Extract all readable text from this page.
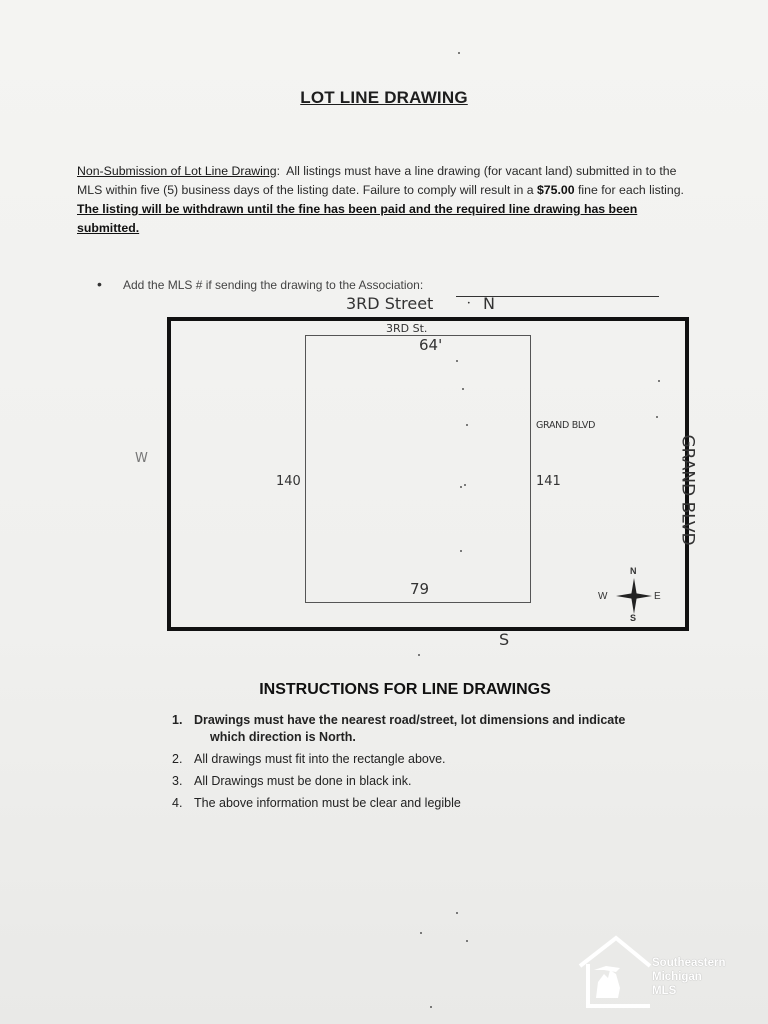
LOT LINE DRAWING
Non-Submission of Lot Line Drawing:  All listings must have a line drawing (for vacant land) submitted in to the MLS within five (5) business days of the listing date. Failure to comply will result in a $75.00 fine for each listing. The listing will be withdrawn until the fine has been paid and the required line drawing has been submitted.
• Add the MLS # if sending the drawing to the Association:
3RD Street	• N
3RD St.
64'
GRAND BLVD
GRAND BLVD
W
140	141
79
S
N
S
E
W
INSTRUCTIONS FOR LINE DRAWINGS
1. Drawings must have the nearest road/street, lot dimensions and indicate
which direction is North.
2. All drawings must fit into the rectangle above.
3. All Drawings must be done in black ink.
4. The above information must be clear and legible
Southeastern
Michigan
MLS
